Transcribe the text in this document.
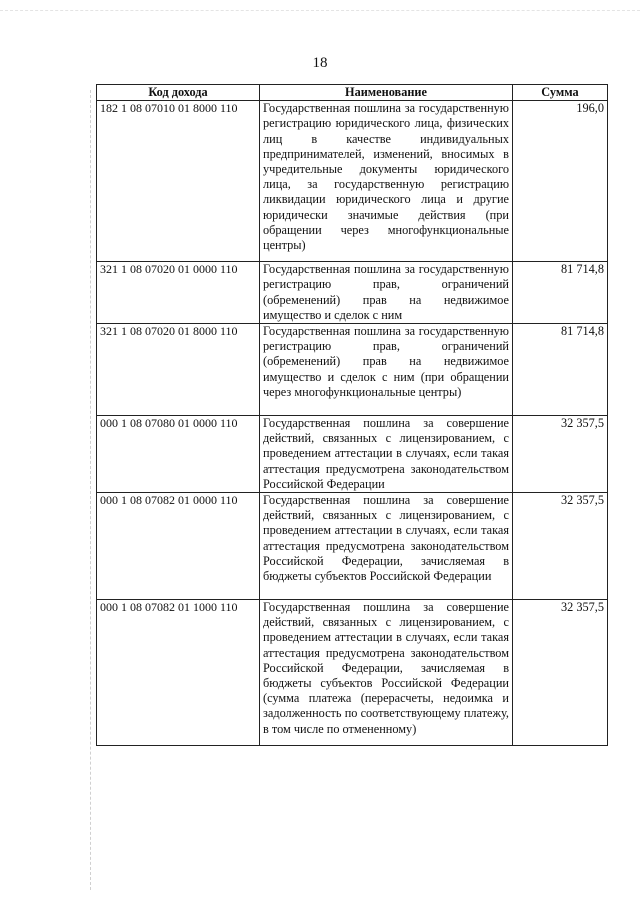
18
Код дохода	Наименование	Сумма
182 1 08 07010 01 8000 110	Государственная пошлина за государственную регистрацию юридического лица, физических лиц в качестве индивидуальных предпринимателей, изменений, вносимых в учредительные документы юридического лица, за государственную регистрацию ликвидации юридического лица и другие юридически значимые действия (при обращении через многофункциональные центры)	196,0
321 1 08 07020 01 0000 110	Государственная пошлина за государственную регистрацию прав, ограничений (обременений) прав на недвижимое имущество и сделок с ним	81 714,8
321 1 08 07020 01 8000 110	Государственная пошлина за государственную регистрацию прав, ограничений (обременений) прав на недвижимое имущество и сделок с ним (при обращении через многофункциональные центры)	81 714,8
000 1 08 07080 01 0000 110	Государственная пошлина за совершение действий, связанных с лицензированием, с проведением аттестации в случаях, если такая аттестация предусмотрена законодательством Российской Федерации	32 357,5
000 1 08 07082 01 0000 110	Государственная пошлина за совершение действий, связанных с лицензированием, с проведением аттестации в случаях, если такая аттестация предусмотрена законодательством Российской Федерации, зачисляемая в бюджеты субъектов Российской Федерации	32 357,5
000 1 08 07082 01 1000 110	Государственная пошлина за совершение действий, связанных с лицензированием, с проведением аттестации в случаях, если такая аттестация предусмотрена законодательством Российской Федерации, зачисляемая в бюджеты субъектов Российской Федерации (сумма платежа (перерасчеты, недоимка и задолженность по соответствующему платежу, в том числе по отмененному)	32 357,5
